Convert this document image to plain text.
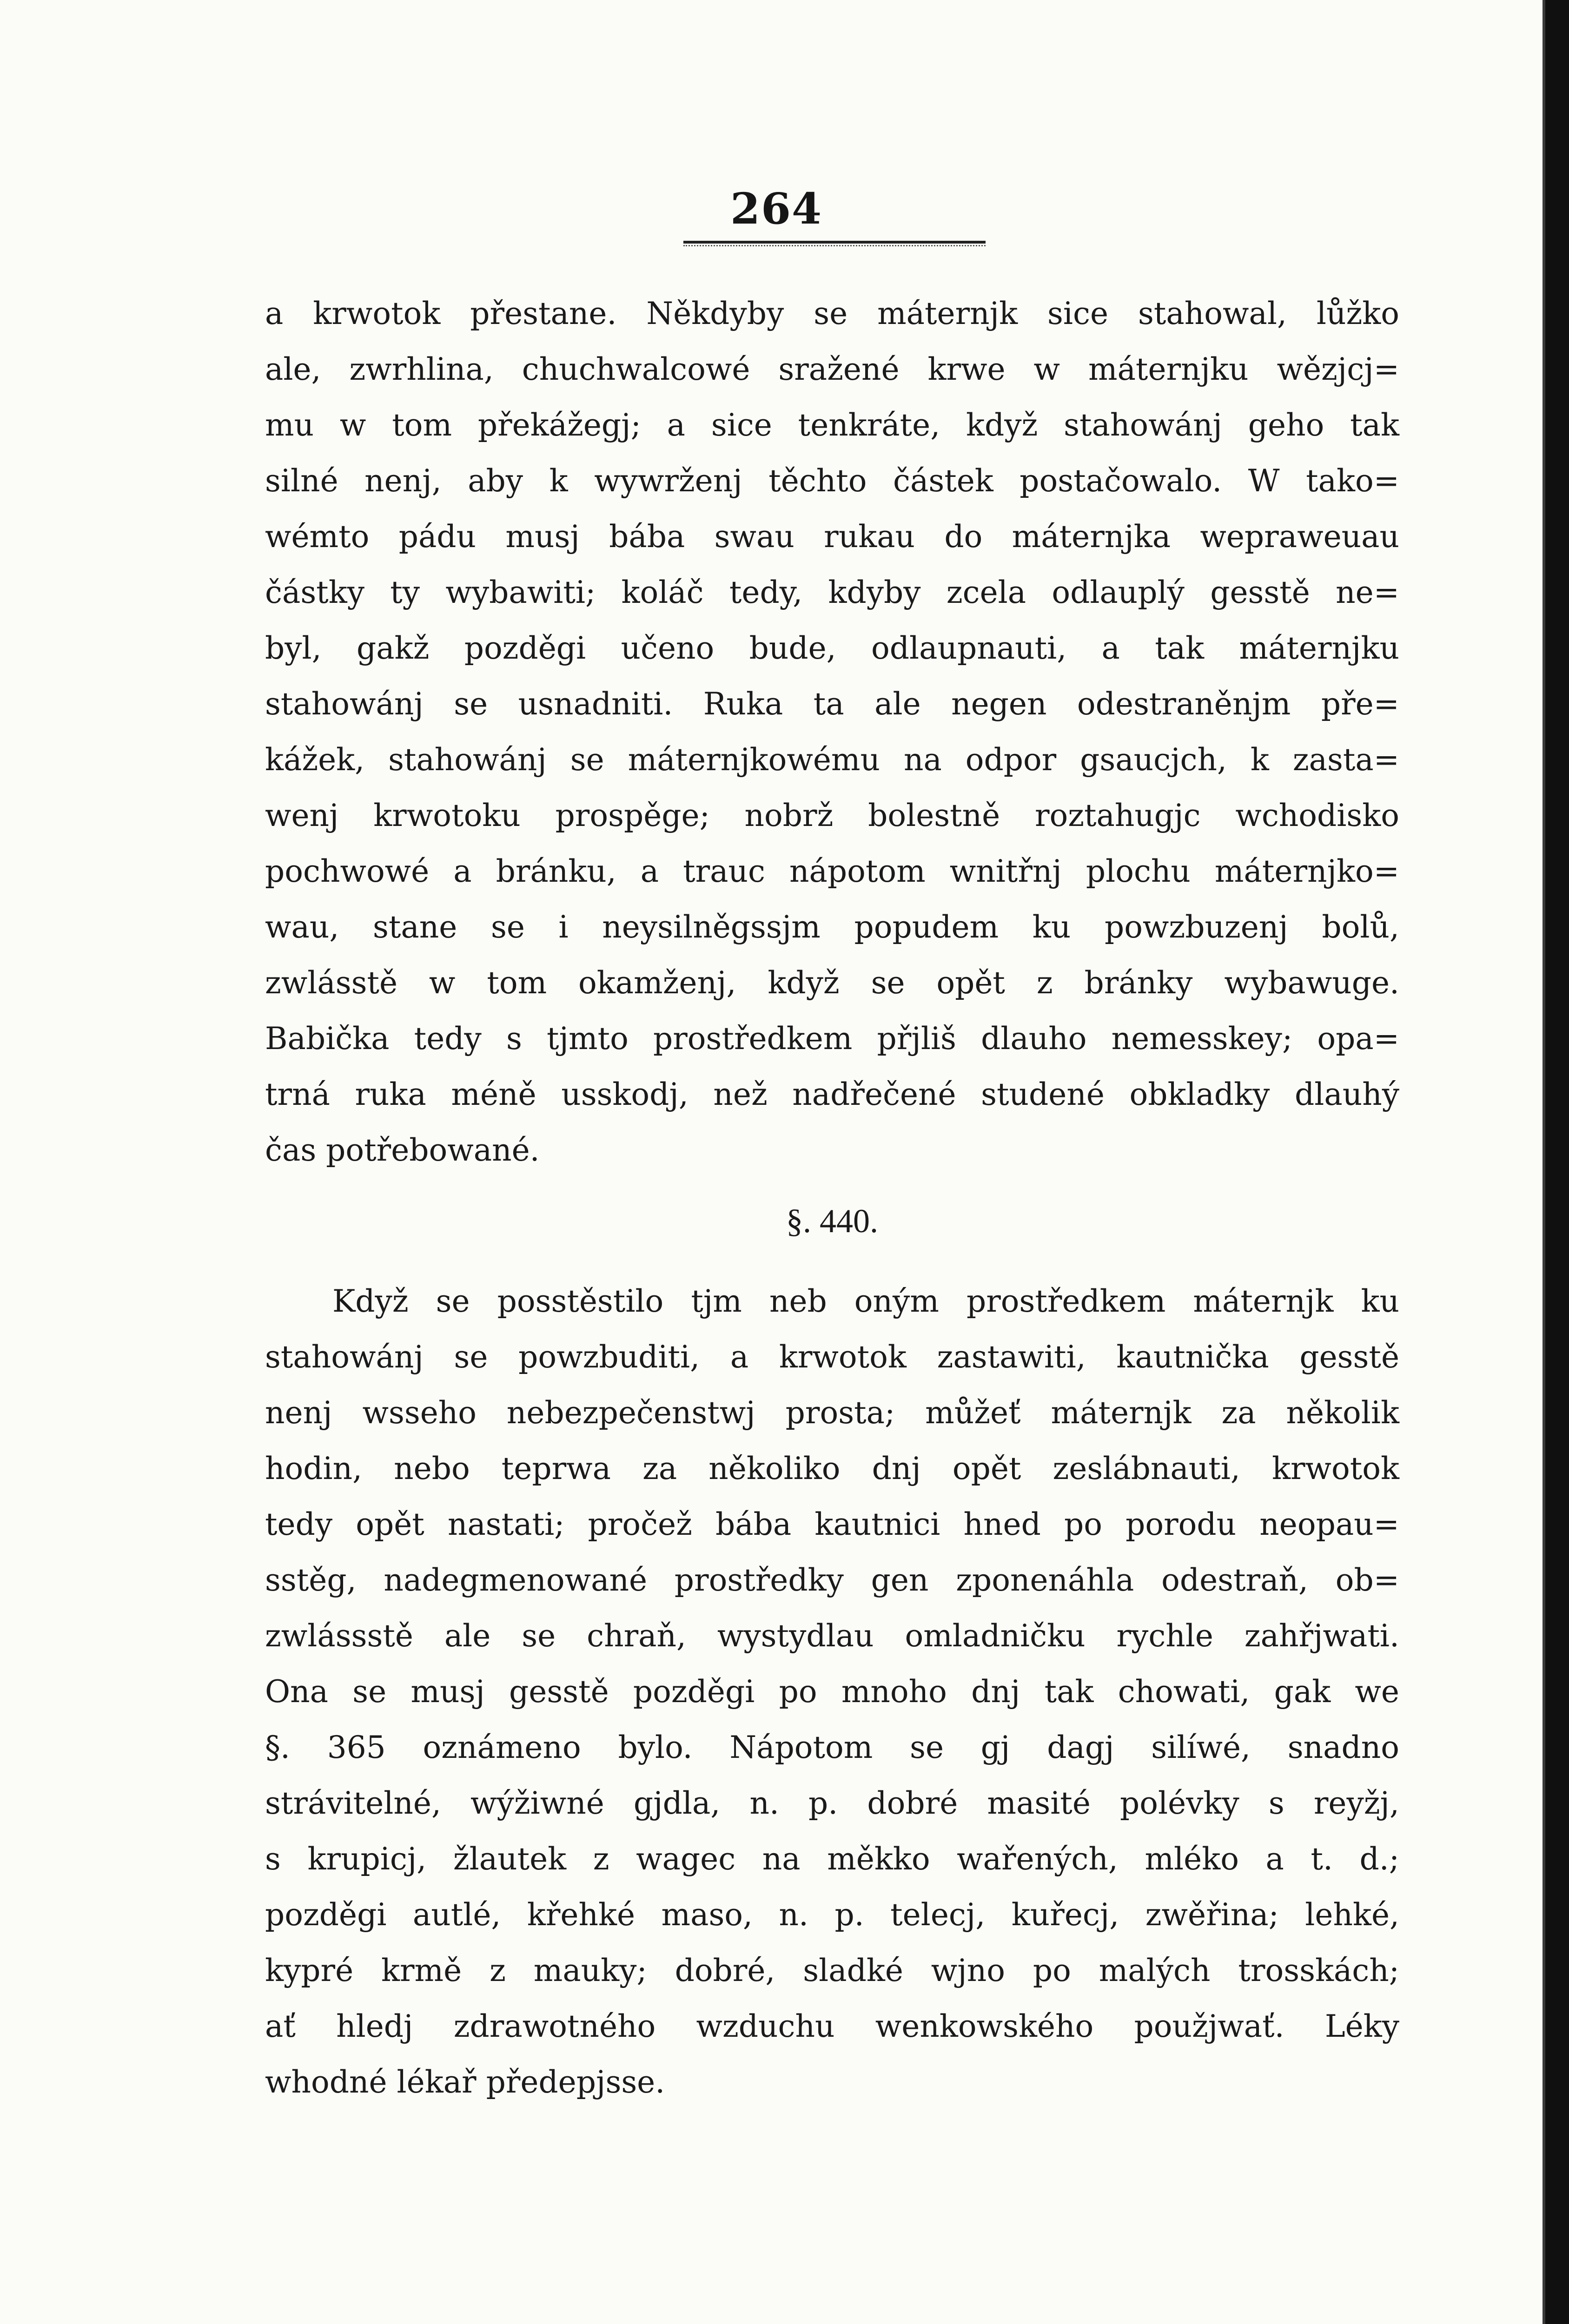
264
a krwotok přestane. Někdyby se máternjk sice stahowal, lůžko
ale, zwrhlina, chuchwalcowé sražené krwe w máternjku wězjcj=
mu w tom překážegj; a sice tenkráte, když stahowánj geho tak
silné nenj, aby k wywrženj těchto částek postačowalo. W tako=
wémto pádu musj bába swau rukau do máternjka wepraweuau
částky ty wybawiti; koláč tedy, kdyby zcela odlauplý gesstě ne=
byl, gakž pozděgi učeno bude, odlaupnauti, a tak máternjku
stahowánj se usnadniti. Ruka ta ale negen odestraněnjm pře=
kážek, stahowánj se máternjkowému na odpor gsaucjch, k zasta=
wenj krwotoku prospěge; nobrž bolestně roztahugjc wchodisko
pochwowé a bránku, a trauc nápotom wnitřnj plochu máternjko=
wau, stane se i neysilněgssjm popudem ku powzbuzenj bolů,
zwlásstě w tom okamženj, když se opět z bránky wybawuge.
Babička tedy s tjmto prostředkem přjliš dlauho nemesskey; opa=
trná ruka méně usskodj, než nadřečené studené obkladky dlauhý
čas potřebowané.
§. 440.
Když se posstěstilo tjm neb oným prostředkem máternjk ku
stahowánj se powzbuditi, a krwotok zastawiti, kautnička gesstě
nenj wsseho nebezpečenstwj prosta; můžeť máternjk za několik
hodin, nebo teprwa za několiko dnj opět zeslábnauti, krwotok
tedy opět nastati; pročež bába kautnici hned po porodu neopau=
sstěg, nadegmenowané prostředky gen zponenáhla odestraň, ob=
zwlássstě ale se chraň, wystydlau omladničku rychle zahřjwati.
Ona se musj gesstě pozděgi po mnoho dnj tak chowati, gak we
§. 365 oznámeno bylo. Nápotom se gj dagj silíwé, snadno
strávitelné, wýžiwné gjdla, n. p. dobré masité polévky s reyžj,
s krupicj, žlautek z wagec na měkko wařených, mléko a t. d.;
pozděgi autlé, křehké maso, n. p. telecj, kuřecj, zwěřina; lehké,
kypré krmě z mauky; dobré, sladké wjno po malých trosskách;
ať hledj zdrawotného wzduchu wenkowského použjwať. Léky
whodné lékař předepjsse.
